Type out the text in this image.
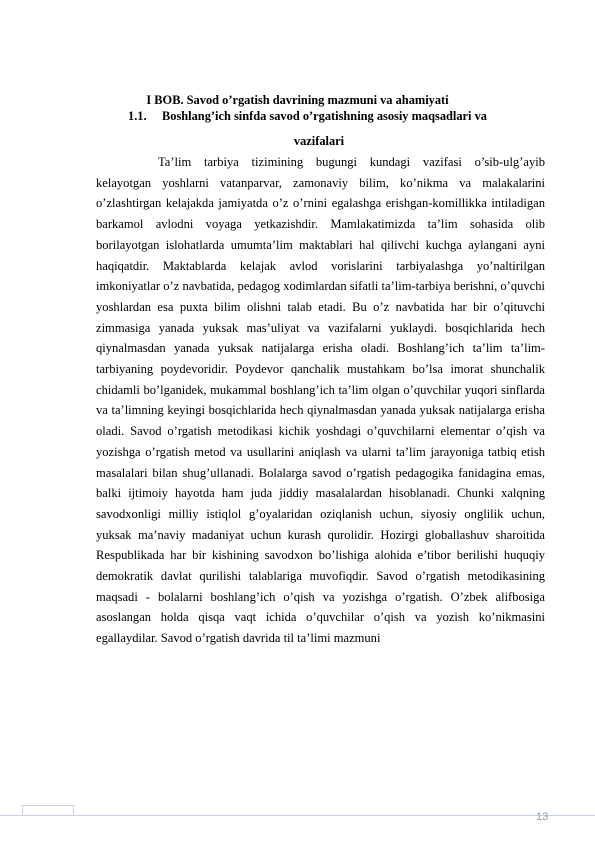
I BOB. Savod o’rgatish davrining mazmuni va ahamiyati
1.1. Boshlang’ich sinfda savod o’rgatishning asosiy maqsadlari va
vazifalari

Ta’lim tarbiya tizimining bugungi kundagi vazifasi o’sib-ulg’ayib kelayotgan yoshlarni vatanparvar, zamonaviy bilim, ko’nikma va malakalarini o’zlashtirgan kelajakda jamiyatda o’z o’rnini egalashga erishgan-komillikka intiladigan barkamol avlodni voyaga yetkazishdir. Mamlakatimizda ta’lim sohasida olib borilayotgan islohatlarda umumta’lim maktablari hal qilivchi kuchga aylangani ayni haqiqatdir. Maktablarda kelajak avlod vorislarini tarbiyalashga yo’naltirilgan imkoniyatlar o’z navbatida, pedagog xodimlardan sifatli ta’lim-tarbiya berishni, o’quvchi yoshlardan esa puxta bilim olishni talab etadi. Bu o’z navbatida har bir o’qituvchi zimmasiga yanada yuksak mas’uliyat va vazifalarni yuklaydi. bosqichlarida hech qiynalmasdan yanada yuksak natijalarga erisha oladi. Boshlang’ich ta’lim ta’lim-tarbiyaning poydevoridir. Poydevor qanchalik mustahkam bo’lsa imorat shunchalik chidamli bo’lganidek, mukammal boshlang’ich ta’lim olgan o’quvchilar yuqori sinflarda va ta’limning keyingi bosqichlarida hech qiynalmasdan yanada yuksak natijalarga erisha oladi. Savod o’rgatish metodikasi kichik yoshdagi o’quvchilarni elementar o’qish va yozishga o’rgatish metod va usullarini aniqlash va ularni ta’lim jarayoniga tatbiq etish masalalari bilan shug’ullanadi. Bolalarga savod o’rgatish pedagogika fanidagina emas, balki ijtimoiy hayotda ham juda jiddiy masalalardan hisoblanadi. Chunki xalqning savodxonligi milliy istiqlol g’oyalaridan oziqlanish uchun, siyosiy onglilik uchun, yuksak ma’naviy madaniyat uchun kurash qurolidir. Hozirgi globallashuv sharoitida Respublikada har bir kishining savodxon bo’lishiga alohida e’tibor berilishi huquqiy demokratik davlat qurilishi talablariga muvofiqdir. Savod o’rgatish metodikasining maqsadi - bolalarni boshlang’ich o’qish va yozishga o’rgatish. O’zbek alifbosiga asoslangan holda qisqa vaqt ichida o’quvchilar o’qish va yozish ko’nikmasini egallaydilar. Savod o’rgatish davrida til ta’limi mazmuni

13
